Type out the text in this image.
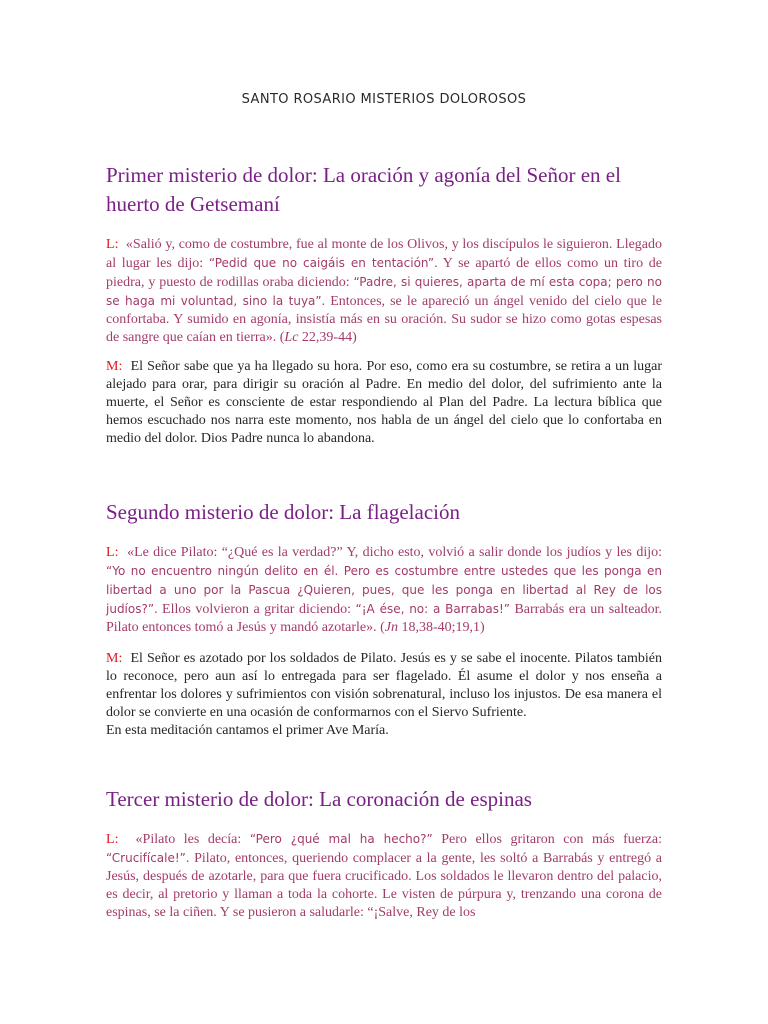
SANTO ROSARIO MISTERIOS DOLOROSOS
Primer misterio de dolor: La oración y agonía del Señor en el huerto de Getsemaní

L: «Salió y, como de costumbre, fue al monte de los Olivos, y los discípulos le siguieron. Llegado al lugar les dijo: “Pedid que no caigáis en tentación”. Y se apartó de ellos como un tiro de piedra, y puesto de rodillas oraba diciendo: “Padre, si quieres, aparta de mí esta copa; pero no se haga mi voluntad, sino la tuya”. Entonces, se le apareció un ángel venido del cielo que le confortaba. Y sumido en agonía, insistía más en su oración. Su sudor se hizo como gotas espesas de sangre que caían en tierra». (Lc 22,39-44)

M: El Señor sabe que ya ha llegado su hora. Por eso, como era su costumbre, se retira a un lugar alejado para orar, para dirigir su oración al Padre. En medio del dolor, del sufrimiento ante la muerte, el Señor es consciente de estar respondiendo al Plan del Padre. La lectura bíblica que hemos escuchado nos narra este momento, nos habla de un ángel del cielo que lo confortaba en medio del dolor. Dios Padre nunca lo abandona.

Segundo misterio de dolor: La flagelación

L: «Le dice Pilato: “¿Qué es la verdad?” Y, dicho esto, volvió a salir donde los judíos y les dijo: “Yo no encuentro ningún delito en él. Pero es costumbre entre ustedes que les ponga en libertad a uno por la Pascua ¿Quieren, pues, que les ponga en libertad al Rey de los judíos?”. Ellos volvieron a gritar diciendo: “¡A ése, no: a Barrabas!” Barrabás era un salteador. Pilato entonces tomó a Jesús y mandó azotarle». (Jn 18,38-40;19,1)

M: El Señor es azotado por los soldados de Pilato. Jesús es y se sabe el inocente. Pilatos también lo reconoce, pero aun así lo entregada para ser flagelado. Él asume el dolor y nos enseña a enfrentar los dolores y sufrimientos con visión sobrenatural, incluso los injustos. De esa manera el dolor se convierte en una ocasión de conformarnos con el Siervo Sufriente.
En esta meditación cantamos el primer Ave María.

Tercer misterio de dolor: La coronación de espinas

L: «Pilato les decía: “Pero ¿qué mal ha hecho?” Pero ellos gritaron con más fuerza: “Crucifícale!”. Pilato, entonces, queriendo complacer a la gente, les soltó a Barrabás y entregó a Jesús, después de azotarle, para que fuera crucificado. Los soldados le llevaron dentro del palacio, es decir, al pretorio y llaman a toda la cohorte. Le visten de púrpura y, trenzando una corona de espinas, se la ciñen. Y se pusieron a saludarle: “¡Salve, Rey de los
